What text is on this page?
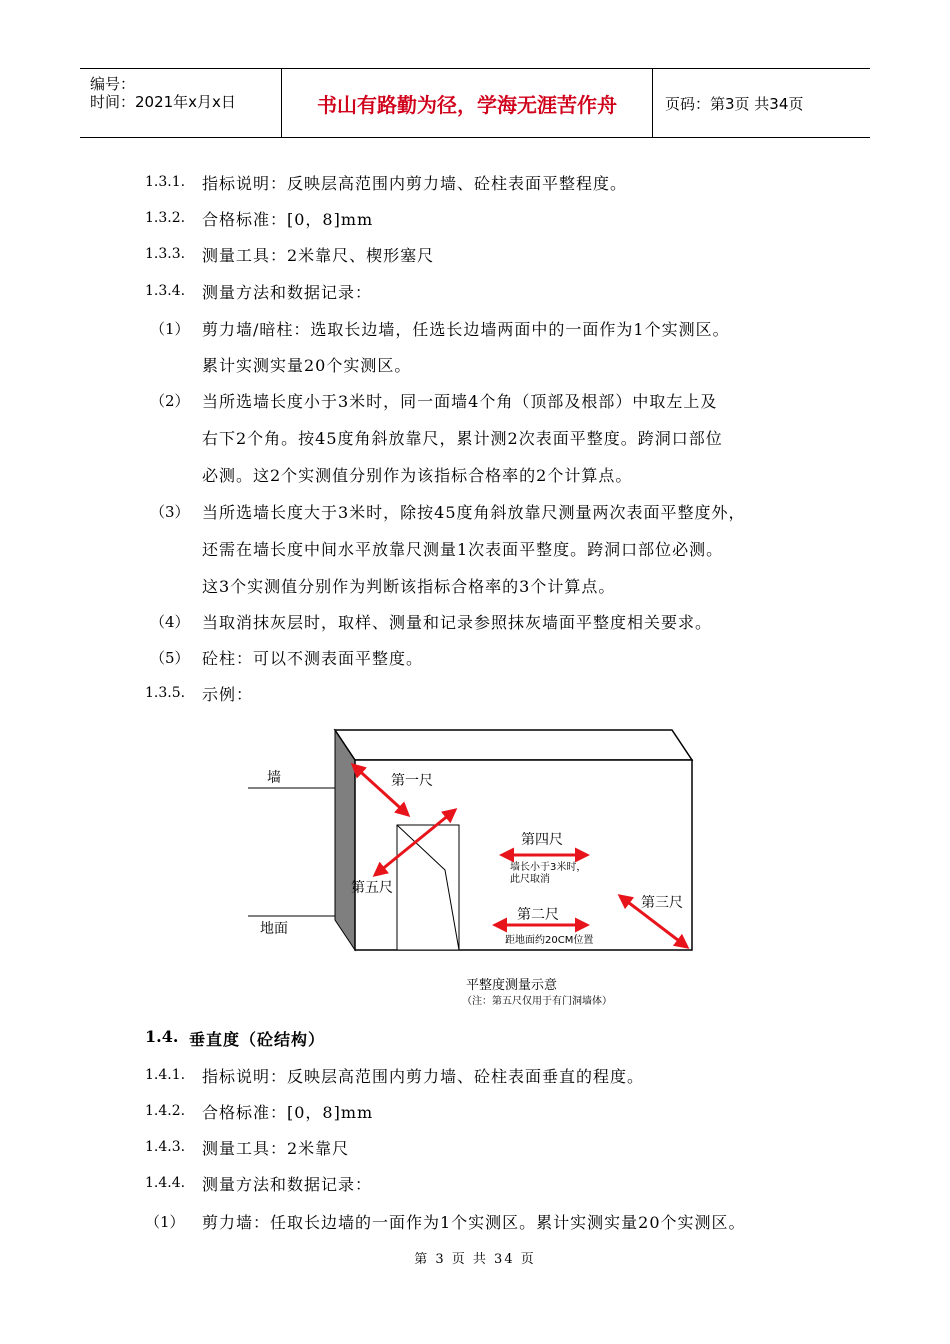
编号：
时间：2021年x月x日	书山有路勤为径，学海无涯苦作舟	页码：第3页 共34页
1.3.1. 指标说明：反映层高范围内剪力墙、砼柱表面平整程度。
1.3.2. 合格标准：[0，8]mm
1.3.3. 测量工具：2米靠尺、楔形塞尺
1.3.4. 测量方法和数据记录：
（1） 剪力墙/暗柱：选取长边墙，任选长边墙两面中的一面作为1个实测区。
累计实测实量20个实测区。
（2） 当所选墙长度小于3米时，同一面墙4个角（顶部及根部）中取左上及
右下2个角。按45度角斜放靠尺，累计测2次表面平整度。跨洞口部位
必测。这2个实测值分别作为该指标合格率的2个计算点。
（3） 当所选墙长度大于3米时，除按45度角斜放靠尺测量两次表面平整度外，
还需在墙长度中间水平放靠尺测量1次表面平整度。跨洞口部位必测。
这3个实测值分别作为判断该指标合格率的3个计算点。
（4） 当取消抹灰层时，取样、测量和记录参照抹灰墙面平整度相关要求。
（5） 砼柱：可以不测表面平整度。
1.3.5. 示例：
墙
地面
第一尺
第五尺
第四尺
墙长小于3米时，
此尺取消
第二尺
距地面约20CM位置
第三尺
平整度测量示意
（注：第五尺仅用于有门洞墙体）
1.4. 垂直度（砼结构）
1.4.1. 指标说明：反映层高范围内剪力墙、砼柱表面垂直的程度。
1.4.2. 合格标准：[0，8]mm
1.4.3. 测量工具：2米靠尺
1.4.4. 测量方法和数据记录：
（1） 剪力墙：任取长边墙的一面作为1个实测区。累计实测实量20个实测区。
第 3 页 共 34 页
